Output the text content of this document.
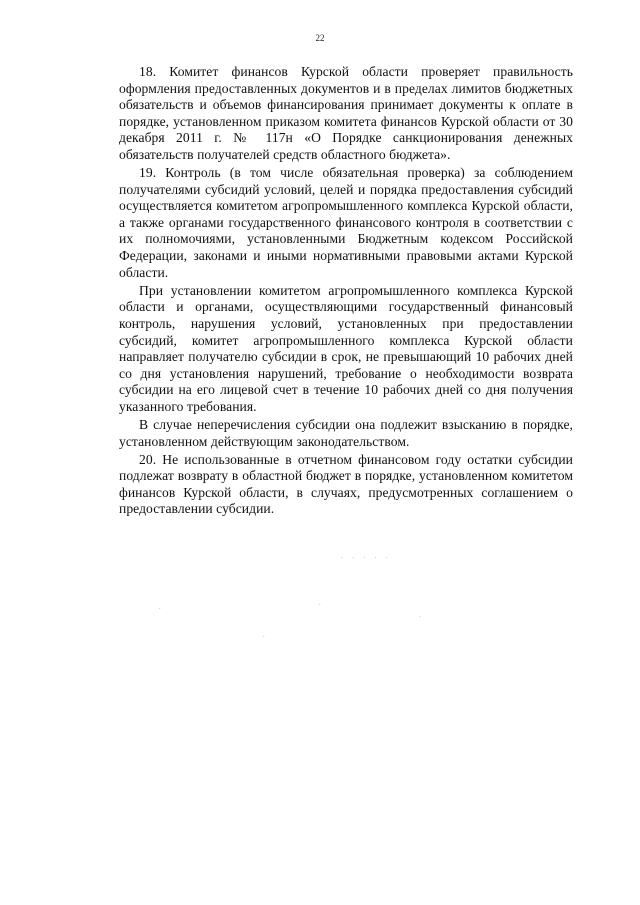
22

18. Комитет финансов Курской области проверяет правильность оформления предоставленных документов и в пределах лимитов бюджетных обязательств и объемов финансирования принимает документы к оплате в порядке, установленном приказом комитета финансов Курской области от 30 декабря 2011 г. № 117н «О Порядке санкционирования денежных обязательств получателей средств областного бюджета».

19. Контроль (в том числе обязательная проверка) за соблюдением получателями субсидий условий, целей и порядка предоставления субсидий осуществляется комитетом агропромышленного комплекса Курской области, а также органами государственного финансового контроля в соответствии с их полномочиями, установленными Бюджетным кодексом Российской Федерации, законами и иными нормативными правовыми актами Курской области.

При установлении комитетом агропромышленного комплекса Курской области и органами, осуществляющими государственный финансовый контроль, нарушения условий, установленных при предоставлении субсидий, комитет агропромышленного комплекса Курской области направляет получателю субсидии в срок, не превышающий 10 рабочих дней со дня установления нарушений, требование о необходимости возврата субсидии на его лицевой счет в течение 10 рабочих дней со дня получения указанного требования.

В случае неперечисления субсидии она подлежит взысканию в порядке, установленном действующим законодательством.

20. Не использованные в отчетном финансовом году остатки субсидии подлежат возврату в областной бюджет в порядке, установленном комитетом финансов Курской области, в случаях, предусмотренных соглашением о предоставлении субсидии.

. . . . .
.
.
.
.
